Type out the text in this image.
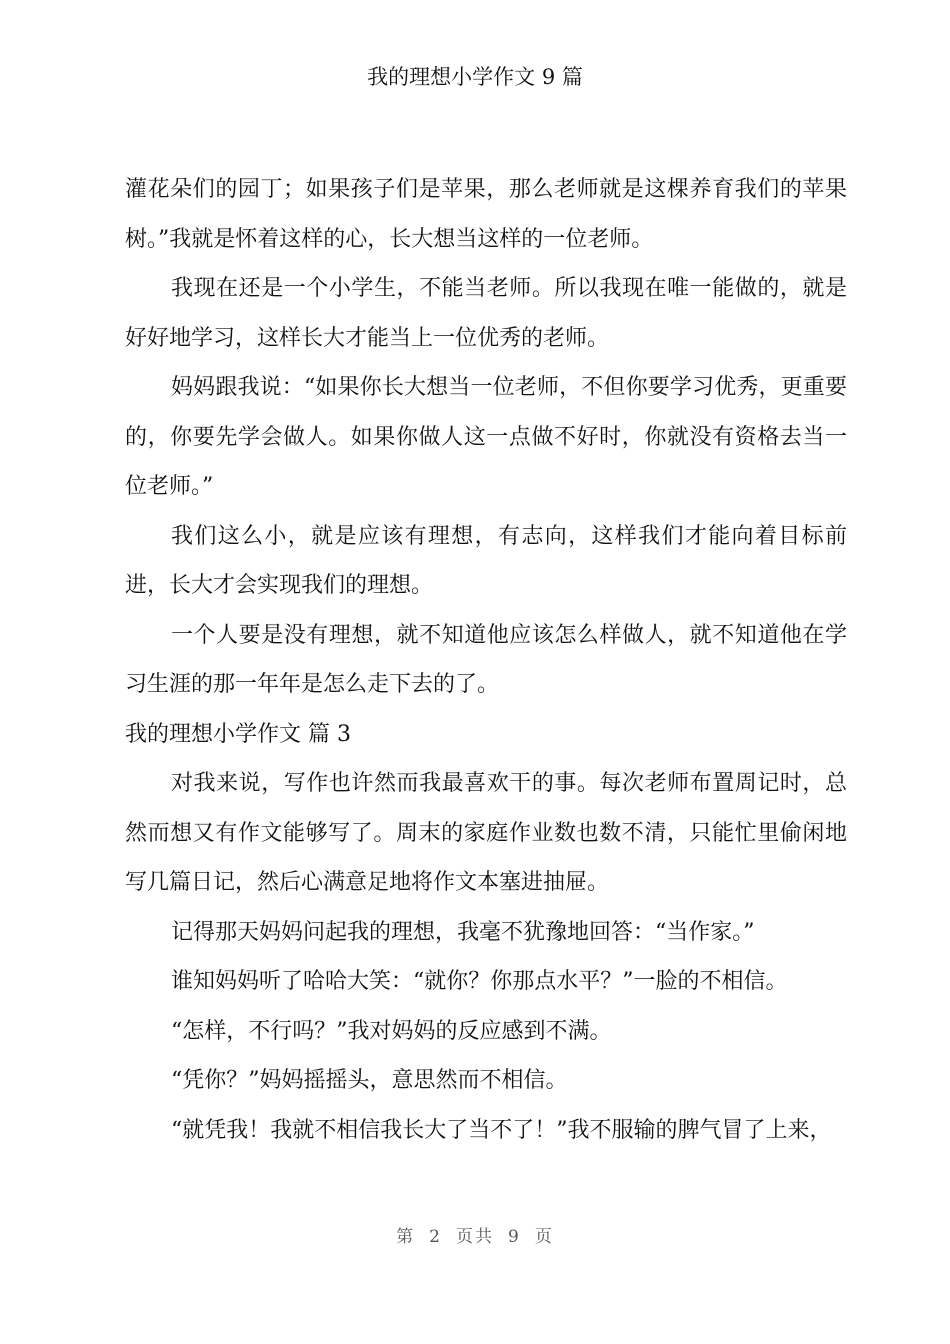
我的理想小学作文 9 篇

灌花朵们的园丁；如果孩子们是苹果，那么老师就是这棵养育我们的苹果树。”我就是怀着这样的心，长大想当这样的一位老师。

我现在还是一个小学生，不能当老师。所以我现在唯一能做的，就是好好地学习，这样长大才能当上一位优秀的老师。

妈妈跟我说：“如果你长大想当一位老师，不但你要学习优秀，更重要的，你要先学会做人。如果你做人这一点做不好时，你就没有资格去当一位老师。”

我们这么小，就是应该有理想，有志向，这样我们才能向着目标前进，长大才会实现我们的理想。

一个人要是没有理想，就不知道他应该怎么样做人，就不知道他在学习生涯的那一年年是怎么走下去的了。

我的理想小学作文 篇 3

对我来说，写作也许然而我最喜欢干的事。每次老师布置周记时，总然而想又有作文能够写了。周末的家庭作业数也数不清，只能忙里偷闲地写几篇日记，然后心满意足地将作文本塞进抽屉。

记得那天妈妈问起我的理想，我毫不犹豫地回答：“当作家。”

谁知妈妈听了哈哈大笑：“就你？你那点水平？”一脸的不相信。

“怎样，不行吗？”我对妈妈的反应感到不满。

“凭你？”妈妈摇摇头，意思然而不相信。

“就凭我！我就不相信我长大了当不了！”我不服输的脾气冒了上来，

第 2 页共 9 页
